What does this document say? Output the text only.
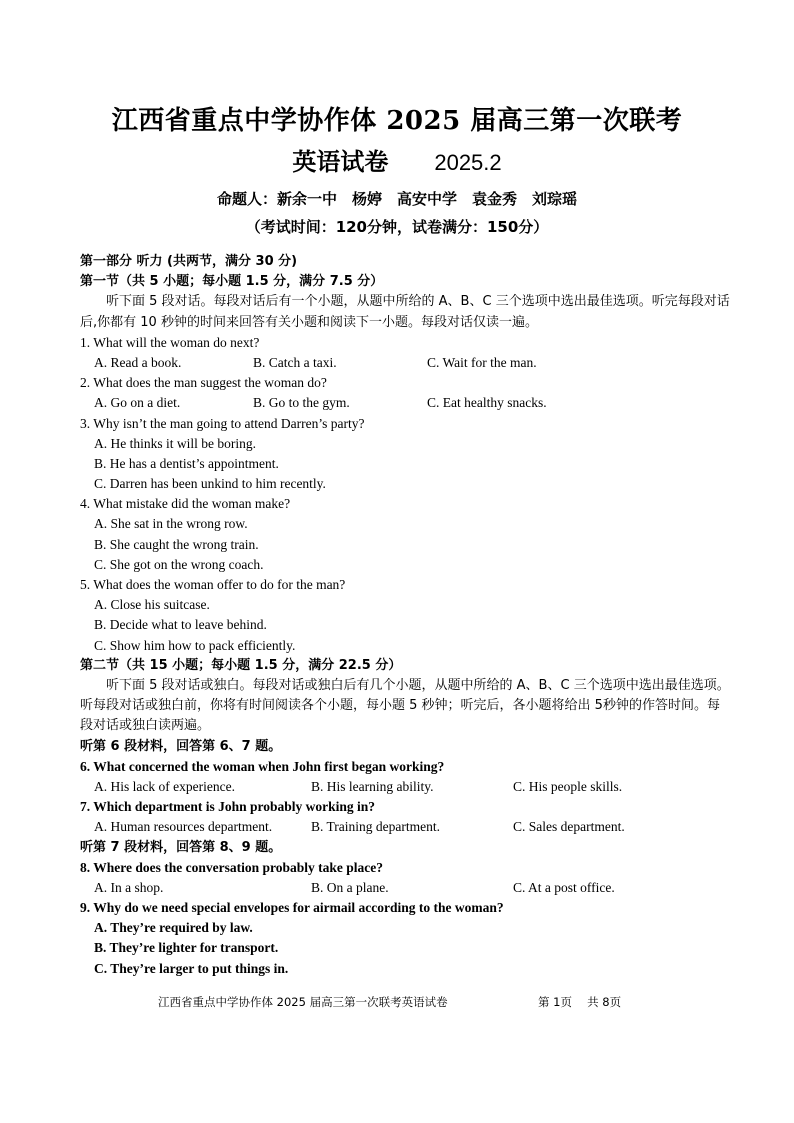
江西省重点中学协作体 2025 届高三第一次联考
英语试卷 2025.2
命题人：新余一中　杨婷　高安中学　袁金秀　刘琮瑶
（考试时间：120分钟，试卷满分：150分）
第一部分 听力 (共两节，满分 30 分)
第一节（共 5 小题；每小题 1.5 分，满分 7.5 分）
听下面 5 段对话。每段对话后有一个小题，从题中所给的 A、B、C 三个选项中选出最佳选项。听完每段对话后,你都有 10 秒钟的时间来回答有关小题和阅读下一小题。每段对话仅读一遍。
1. What will the woman do next?
A. Read a book.	B. Catch a taxi.	C. Wait for the man.
2. What does the man suggest the woman do?
A. Go on a diet.	B. Go to the gym.	C. Eat healthy snacks.
3. Why isn’t the man going to attend Darren’s party?
A. He thinks it will be boring.
B. He has a dentist’s appointment.
C. Darren has been unkind to him recently.
4. What mistake did the woman make?
A. She sat in the wrong row.
B. She caught the wrong train.
C. She got on the wrong coach.
5. What does the woman offer to do for the man?
A. Close his suitcase.
B. Decide what to leave behind.
C. Show him how to pack efficiently.
第二节（共 15 小题；每小题 1.5 分，满分 22.5 分）
听下面 5 段对话或独白。每段对话或独白后有几个小题，从题中所给的 A、B、C 三个选项中选出最佳选项。听每段对话或独白前，你将有时间阅读各个小题，每小题 5 秒钟；听完后，各小题将给出 5秒钟的作答时间。每段对话或独白读两遍。
听第 6 段材料，回答第 6、7 题。
6. What concerned the woman when John first began working?
A. His lack of experience.	B. His learning ability.	C. His people skills.
7. Which department is John probably working in?
A. Human resources department.	B. Training department.	C. Sales department.
听第 7 段材料，回答第 8、9 题。
8. Where does the conversation probably take place?
A. In a shop.	B. On a plane.	C. At a post office.
9. Why do we need special envelopes for airmail according to the woman?
A. They’re required by law.
B. They’re lighter for transport.
C. They’re larger to put things in.
江西省重点中学协作体 2025 届高三第一次联考英语试卷	第 1页　 共 8页
